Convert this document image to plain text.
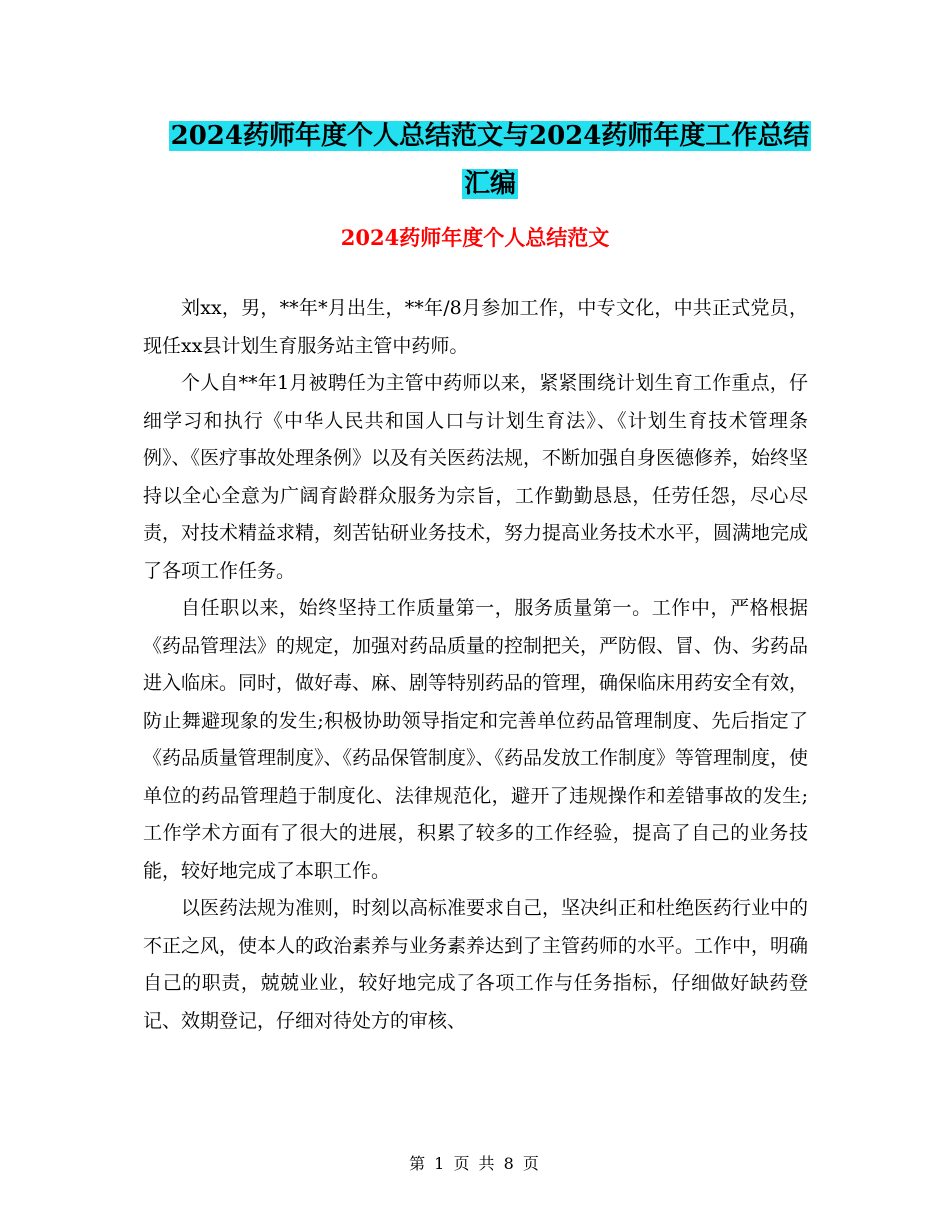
2024药师年度个人总结范文与2024药师年度工作总结
汇编
2024药师年度个人总结范文

刘xx，男，**年*月出生，**年/8月参加工作，中专文化，中共正式党员，现任xx县计划生育服务站主管中药师。

个人自**年1月被聘任为主管中药师以来，紧紧围绕计划生育工作重点，仔细学习和执行《中华人民共和国人口与计划生育法》、《计划生育技术管理条例》、《医疗事故处理条例》以及有关医药法规，不断加强自身医德修养，始终坚持以全心全意为广阔育龄群众服务为宗旨，工作勤勤恳恳，任劳任怨，尽心尽责，对技术精益求精，刻苦钻研业务技术，努力提高业务技术水平，圆满地完成了各项工作任务。

自任职以来，始终坚持工作质量第一，服务质量第一。工作中，严格根据《药品管理法》的规定，加强对药品质量的控制把关，严防假、冒、伪、劣药品进入临床。同时，做好毒、麻、剧等特别药品的管理，确保临床用药安全有效，防止舞避现象的发生;积极协助领导指定和完善单位药品管理制度、先后指定了《药品质量管理制度》、《药品保管制度》、《药品发放工作制度》等管理制度，使单位的药品管理趋于制度化、法律规范化，避开了违规操作和差错事故的发生;工作学术方面有了很大的进展，积累了较多的工作经验，提高了自己的业务技能，较好地完成了本职工作。

以医药法规为准则，时刻以高标准要求自己，坚决纠正和杜绝医药行业中的不正之风，使本人的政治素养与业务素养达到了主管药师的水平。工作中，明确自己的职责，兢兢业业，较好地完成了各项工作与任务指标，仔细做好缺药登记、效期登记，仔细对待处方的审核、

第 1 页 共 8 页
